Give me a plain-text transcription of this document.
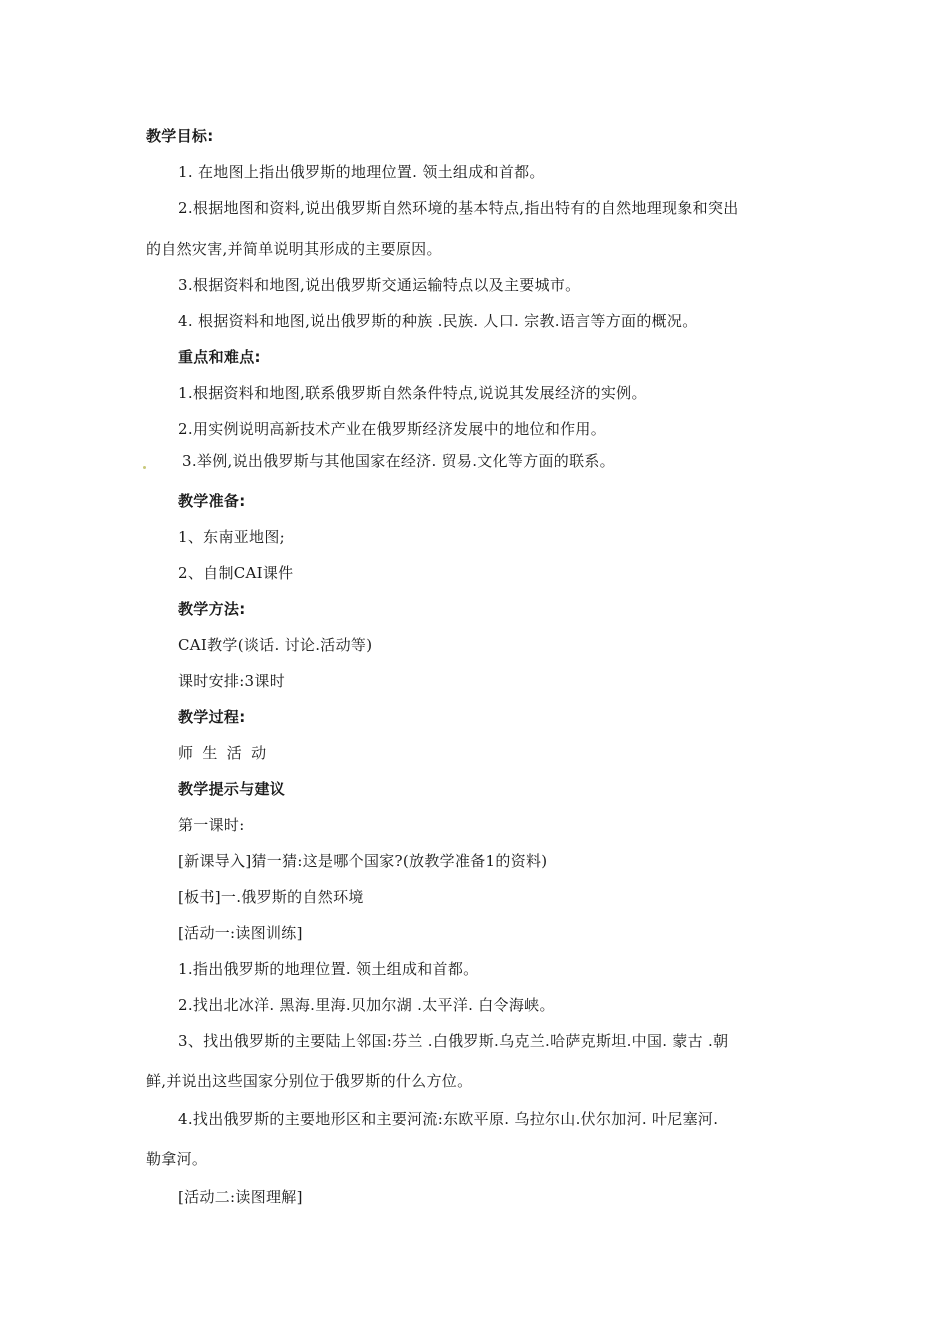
教学目标:
1. 在地图上指出俄罗斯的地理位置. 领土组成和首都。
2.根据地图和资料,说出俄罗斯自然环境的基本特点,指出特有的自然地理现象和突出
的自然灾害,并简单说明其形成的主要原因。
3.根据资料和地图,说出俄罗斯交通运输特点以及主要城市。
4. 根据资料和地图,说出俄罗斯的种族 .民族. 人口. 宗教.语言等方面的概况。
重点和难点:
1.根据资料和地图,联系俄罗斯自然条件特点,说说其发展经济的实例。
2.用实例说明高新技术产业在俄罗斯经济发展中的地位和作用。
3.举例,说出俄罗斯与其他国家在经济. 贸易.文化等方面的联系。
教学准备:
1、东南亚地图;
2、自制CAI课件
教学方法:
CAI教学(谈话. 讨论.活动等)
课时安排:3课时
教学过程:
师 生 活 动
教学提示与建议
第一课时:
[新课导入]猜一猜:这是哪个国家?(放教学准备1的资料)
[板书]一.俄罗斯的自然环境
[活动一:读图训练]
1.指出俄罗斯的地理位置. 领土组成和首都。
2.找出北冰洋. 黑海.里海.贝加尔湖 .太平洋. 白令海峡。
3、找出俄罗斯的主要陆上邻国:芬兰 .白俄罗斯.乌克兰.哈萨克斯坦.中国. 蒙古 .朝
鲜,并说出这些国家分别位于俄罗斯的什么方位。
4.找出俄罗斯的主要地形区和主要河流:东欧平原. 乌拉尔山.伏尔加河. 叶尼塞河.
勒拿河。
[活动二:读图理解]
